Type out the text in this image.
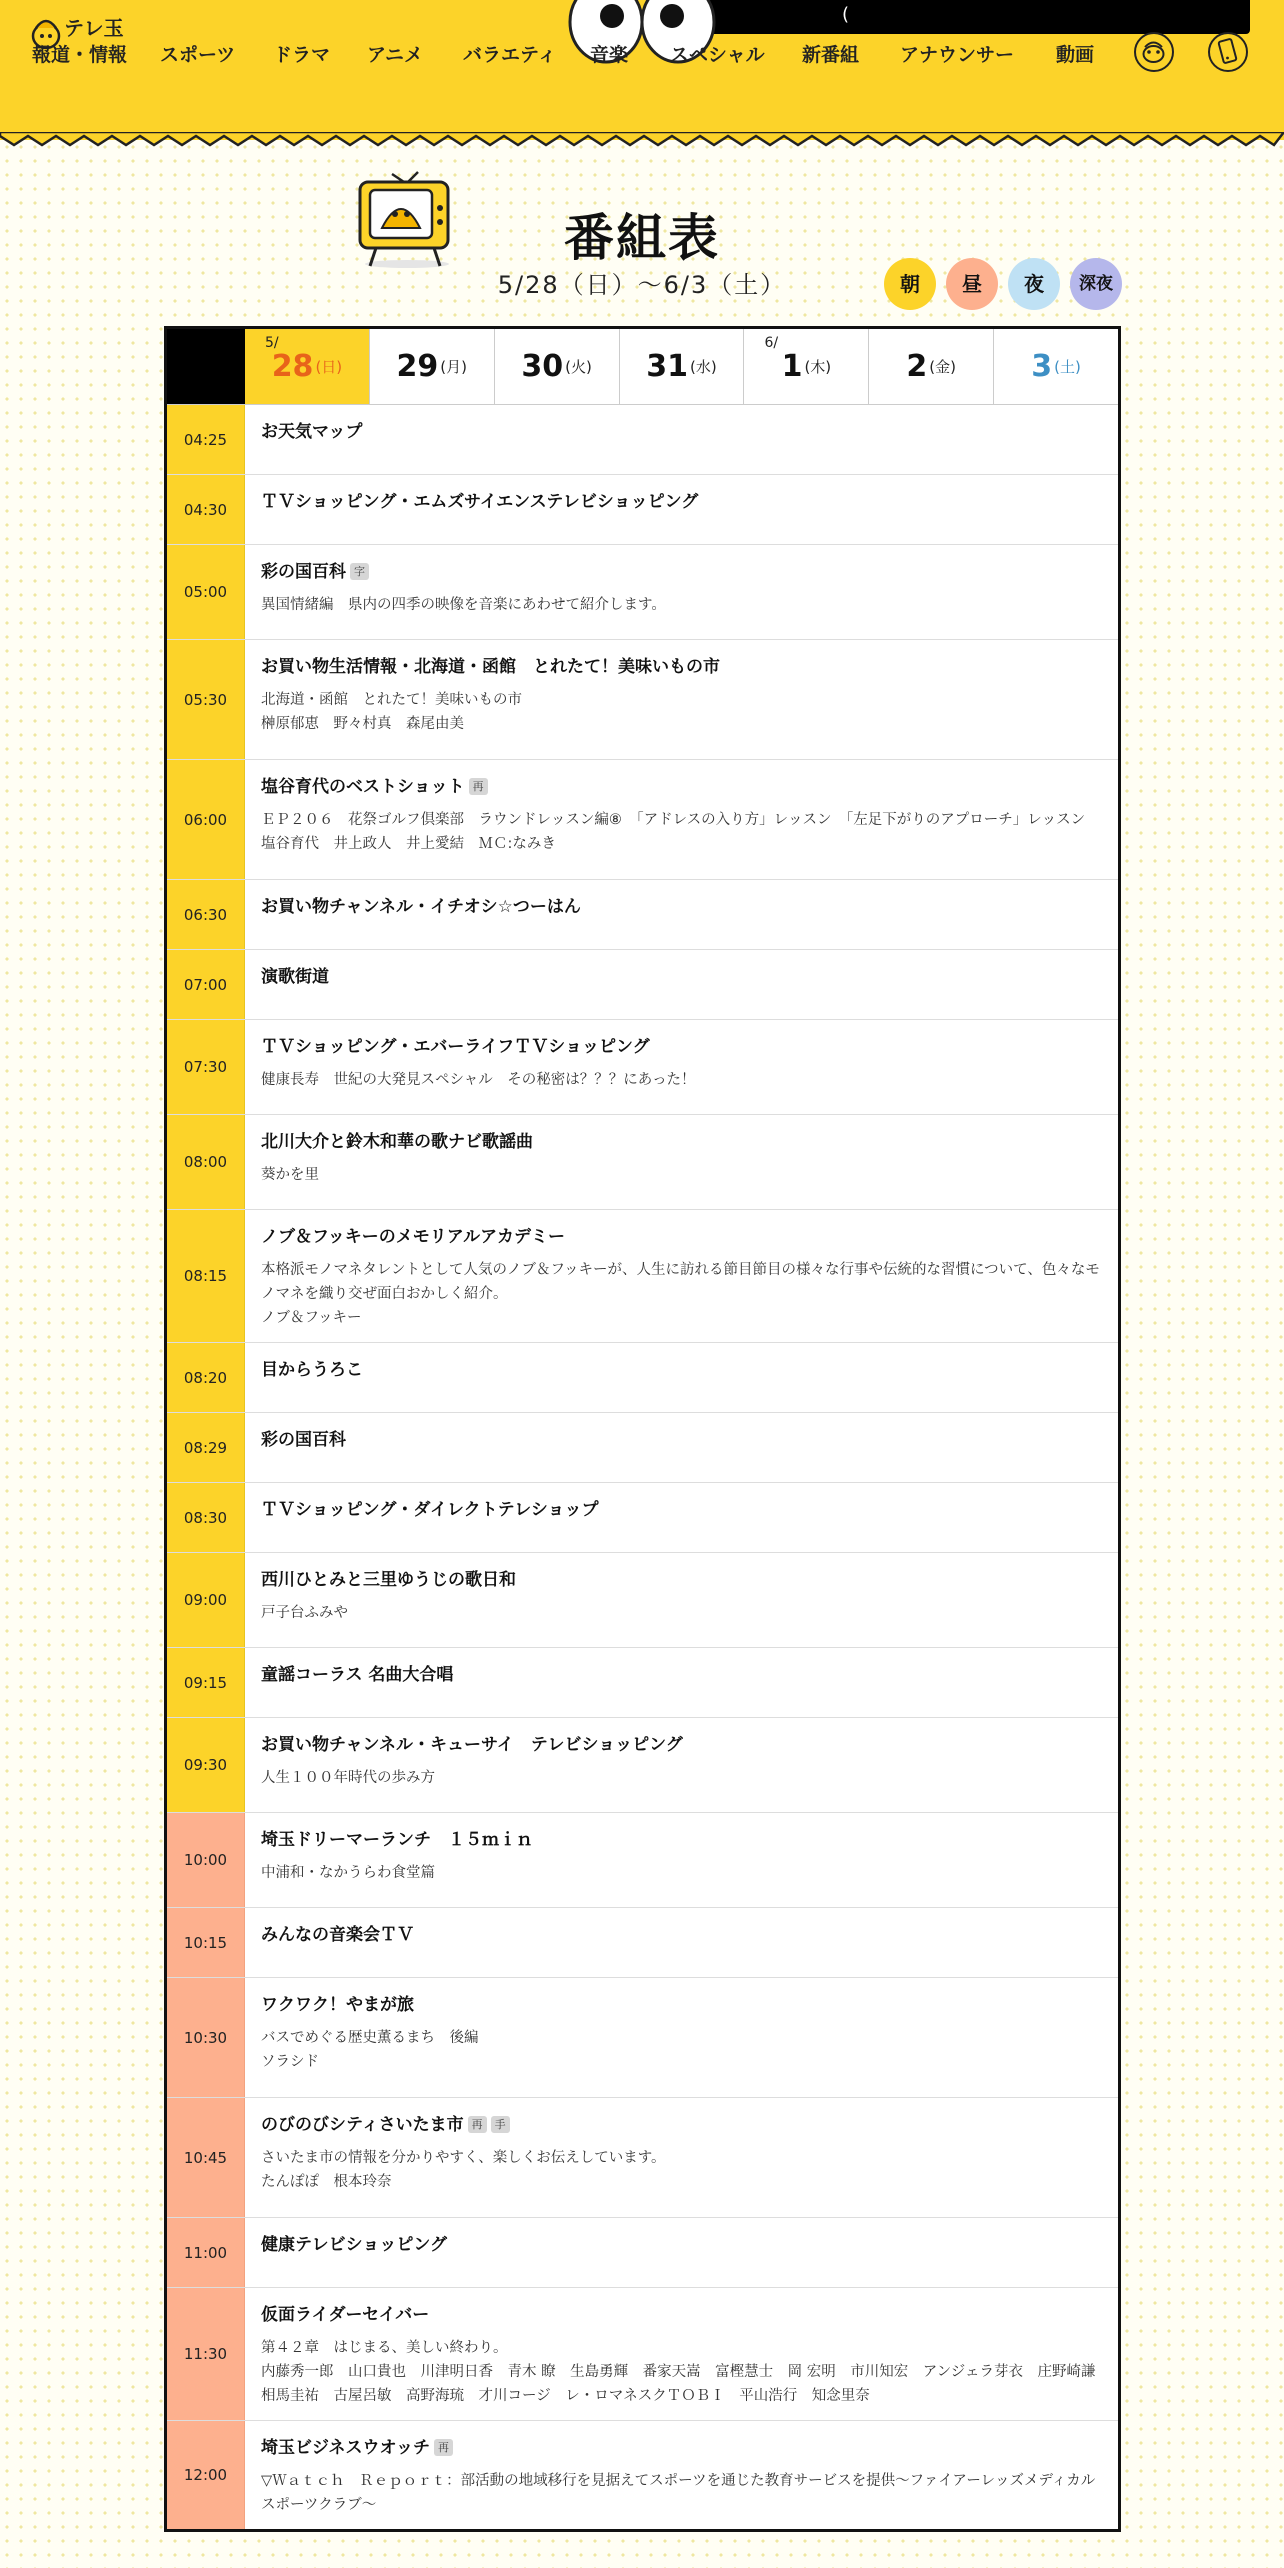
(
テレ玉
報道・情報 スポーツ ドラマ アニメ バラエティ 音楽 スペシャル 新番組 アナウンサー 動画
番組表
5/28（日）〜6/3（土）	朝	昼	夜	深夜
5/
28 (日) 29 (月) 30 (火) 31 (水)
6/
1 (木)	2 (金)	3 (土)
04:25	お天気マップ
04:30	ＴＶショッピング・エムズサイエンステレビショッピング
05:00
彩の国百科 字
異国情緒編　県内の四季の映像を音楽にあわせて紹介します。
05:30
お買い物生活情報・北海道・函館　とれたて！美味いもの市
北海道・函館　とれたて！美味いもの市
榊原郁恵　野々村真　森尾由美
06:00
塩谷育代のベストショット 再
ＥＰ２０６　花祭ゴルフ倶楽部　ラウンドレッスン編⑧　「アドレスの入り方」レッスン　「左足下がりのアプローチ」レッスン
塩谷育代　井上政人　井上愛結　ＭＣ:なみき
06:30	お買い物チャンネル・イチオシ☆つーはん
07:00	演歌街道
07:30
ＴＶショッピング・エバーライフＴＶショッピング
健康長寿　世紀の大発見スペシャル　その秘密は？？？にあった！
08:00
北川大介と鈴木和華の歌ナビ歌謡曲
葵かを里
08:15
ノブ＆フッキーのメモリアルアカデミー
本格派モノマネタレントとして人気のノブ＆フッキーが、人生に訪れる節目節目の様々な行事や伝統的な習慣について、色々なモノマネを織り交ぜ面白おかしく紹介。
ノブ＆フッキー
08:20	目からうろこ
08:29	彩の国百科
08:30	ＴＶショッピング・ダイレクトテレショップ
09:00
西川ひとみと三里ゆうじの歌日和
戸子台ふみや
09:15	童謡コーラス 名曲大合唱
09:30
お買い物チャンネル・キューサイ　テレビショッピング
人生１００年時代の歩み方
10:00
埼玉ドリーマーランチ　１５ｍｉｎ
中浦和・なかうらわ食堂篇
10:15	みんなの音楽会ＴＶ
10:30
ワクワク！やまが旅
バスでめぐる歴史薫るまち　後編
ソラシド
10:45
のびのびシティさいたま市 再 手
さいたま市の情報を分かりやすく、楽しくお伝えしています。
たんぽぽ　根本玲奈
11:00	健康テレビショッピング
11:30
仮面ライダーセイバー
第４２章　はじまる、美しい終わり。
内藤秀一郎　山口貴也　川津明日香　青木 瞭　生島勇輝　番家天嵩　富樫慧士　岡 宏明　市川知宏　アンジェラ芽衣　庄野崎謙　相馬圭祐　古屋呂敏　高野海琉　才川コージ　レ・ロマネスクＴＯＢＩ　平山浩行　知念里奈
12:00
埼玉ビジネスウオッチ 再
▽Ｗａｔｃｈ　Ｒｅｐｏｒｔ：部活動の地域移行を見据えてスポーツを通じた教育サービスを提供～ファイアーレッズメディカルスポーツクラブ～
